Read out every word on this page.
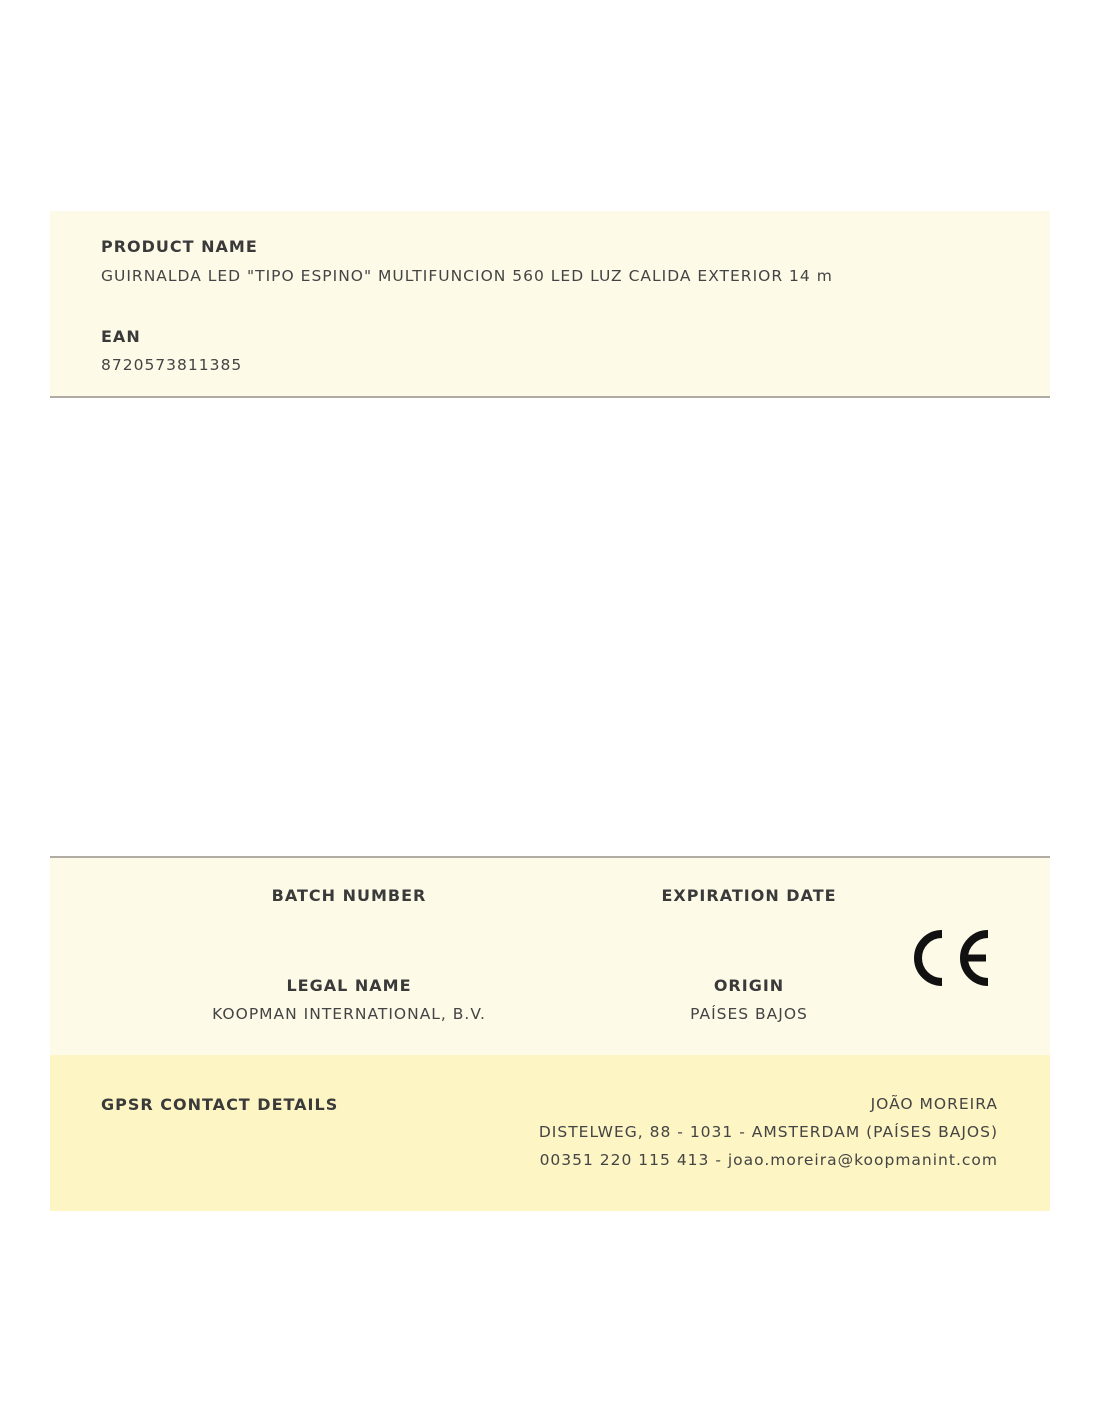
PRODUCT NAME
GUIRNALDA LED "TIPO ESPINO" MULTIFUNCION 560 LED LUZ CALIDA EXTERIOR 14 m
EAN
8720573811385
BATCH NUMBER	EXPIRATION DATE
LEGAL NAME
KOOPMAN INTERNATIONAL, B.V.
ORIGIN
PAÍSES BAJOS
GPSR CONTACT DETAILS	JOÃO MOREIRA
DISTELWEG, 88 - 1031 - AMSTERDAM (PAÍSES BAJOS)
00351 220 115 413 - joao.moreira@koopmanint.com
